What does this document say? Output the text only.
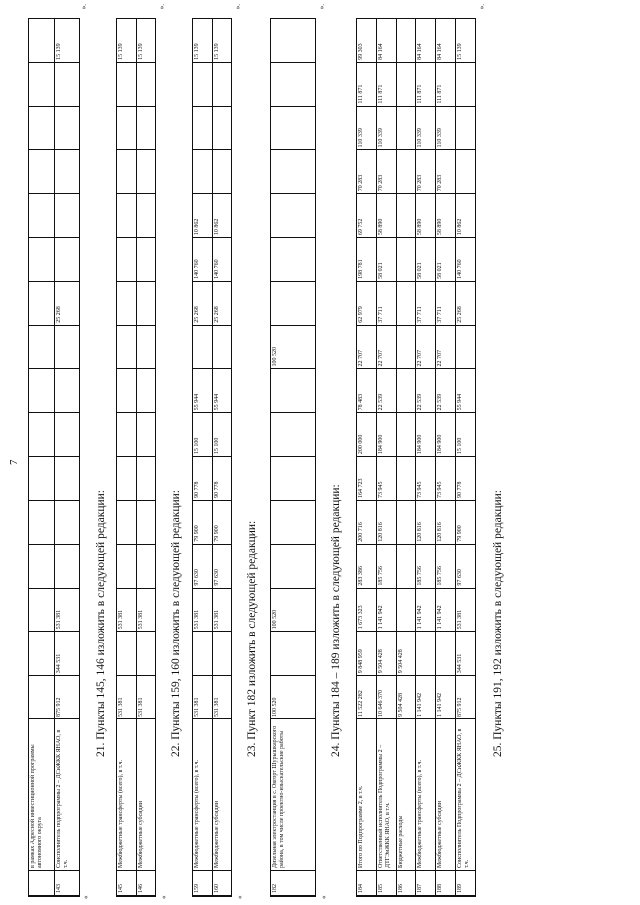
7
в рамках Адресной инвестиционной программы автономного округа
143
Соисполнитель подпрограммы 2 – ДСиЖКК ЯНАО, в т.ч.
875 912
344 531
531 381
25 268
15 139
«
».
21. Пункты 145, 146 изложить в следующей редакции:
145
Межбюджетные трансферты (всего), в т.ч.
146
Межбюджетные субсидии
531 381
531 381
15 139
531 381
531 381
15 139
«
».
22. Пункты 159, 160 изложить в следующей редакции:
159
Межбюджетные трансферты (всего), в т.ч.
160
Межбюджетные субсидии
531 381
531 381
97 630
79 900
90 778
15 100
55 944
25 268
140 760
10 862
15 139
531 381
531 381
97 630
79 900
90 778
15 100
55 944
25 268
140 760
10 862
15 139
«
».
23. Пункт 182 изложить в следующей редакции:
182
Дизельная электростанция в с. Овгорт Шурышкарского района, в том числе проектно-изыскательские работы
100 520
100 520
100 520
«
».
24. Пункты 184 – 189 изложить в следующей редакции:
184
Итого по Подпрограмме 2, в т.ч.
185
Ответственный исполнитель Подпрограммы 2 – ДТГЭиЖКК ЯНАО, в т.ч.
186
Бюджетные расходы
187
Межбюджетные трансферты (всего), в т.ч.
188
Межбюджетные субсидии
189
Соисполнитель Подпрограммы 2 – ДСиЖКК ЯНАО, в т.ч.
11 522 282
9 848 959
1 673 323
283 386
200 716
164 723
200 000
78 483
22 707
62 979
198 781
69 752
70 283
110 339
111 871
99 303
10 646 370
9 504 428
1 141 942
185 756
120 816
73 945
184 900
22 539
22 707
37 711
58 021
58 890
70 283
110 339
111 871
84 164
9 504 428
9 504 428
1 141 942
1 141 942
185 756
120 816
73 945
184 900
22 539
22 707
37 711
58 021
58 890
70 283
110 339
111 871
84 164
1 141 942
1 141 942
185 756
120 816
73 945
184 900
22 539
22 707
37 711
58 021
58 890
70 283
110 339
111 871
84 164
875 912
344 531
531 381
97 630
79 900
90 778
15 100
55 944
25 268
140 760
10 862
15 139
».
25. Пункты 191, 192 изложить в следующей редакции:
